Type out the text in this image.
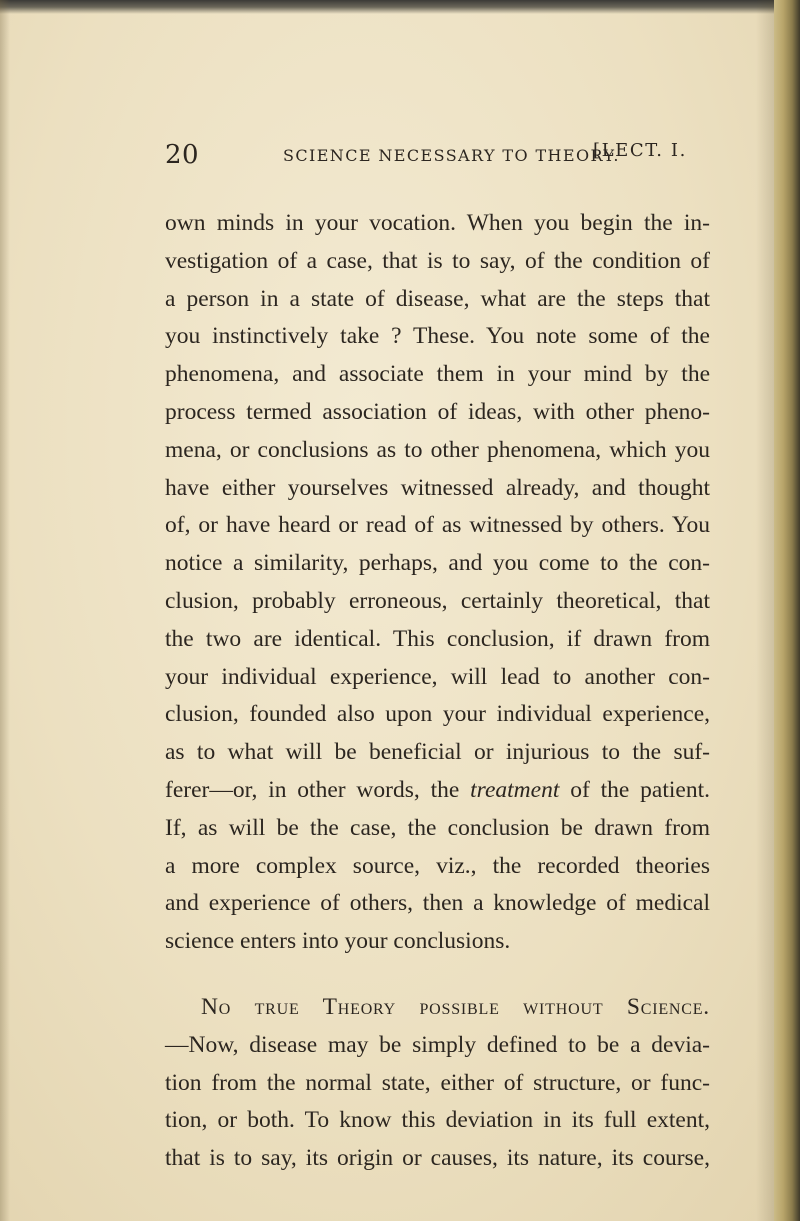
20	SCIENCE NECESSARY TO THEORY.
[LECT. I.
own minds in your vocation. When you begin the in-
vestigation of a case, that is to say, of the condition of
a person in a state of disease, what are the steps that
you instinctively take ? These. You note some of the
phenomena, and associate them in your mind by the
process termed association of ideas, with other pheno-
mena, or conclusions as to other phenomena, which you
have either yourselves witnessed already, and thought
of, or have heard or read of as witnessed by others. You
notice a similarity, perhaps, and you come to the con-
clusion, probably erroneous, certainly theoretical, that
the two are identical. This conclusion, if drawn from
your individual experience, will lead to another con-
clusion, founded also upon your individual experience,
as to what will be beneficial or injurious to the suf-
ferer—or, in other words, the treatment of the patient.
If, as will be the case, the conclusion be drawn from
a more complex source, viz., the recorded theories
and experience of others, then a knowledge of medical
science enters into your conclusions.
No true Theory possible without Science.
—Now, disease may be simply defined to be a devia-
tion from the normal state, either of structure, or func-
tion, or both. To know this deviation in its full extent,
that is to say, its origin or causes, its nature, its course,
